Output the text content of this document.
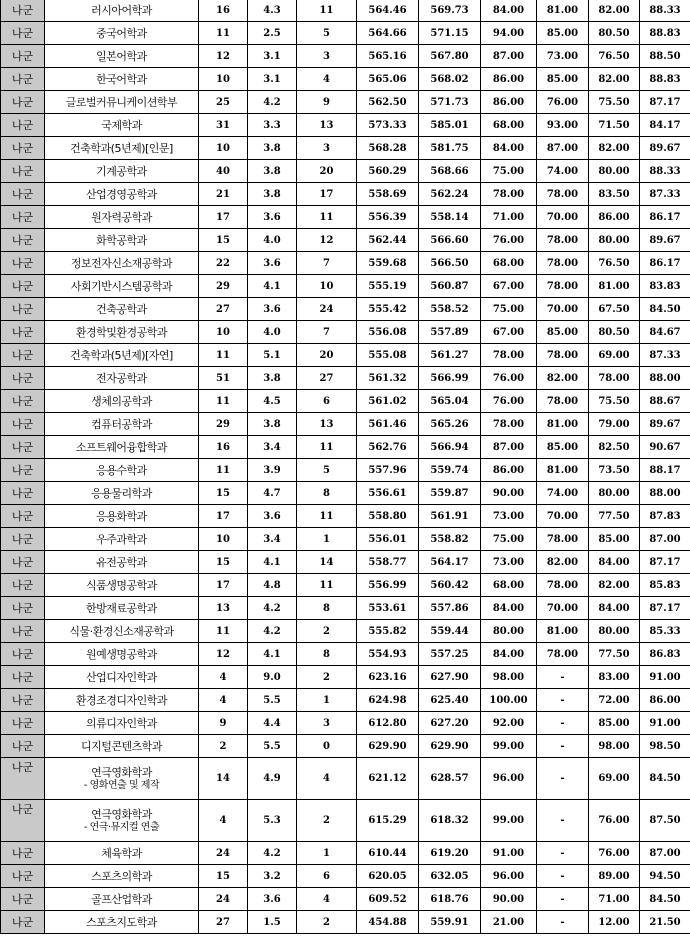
나군	러시아어학과	16	4.3	11	564.46	569.73	84.00	81.00	82.00	88.33
나군	중국어학과	11	2.5	5	564.66	571.15	94.00	85.00	80.50	88.83
나군	일본어학과	12	3.1	3	565.16	567.80	87.00	73.00	76.50	88.50
나군	한국어학과	10	3.1	4	565.06	568.02	86.00	85.00	82.00	88.83
나군	글로벌커뮤니케이션학부	25	4.2	9	562.50	571.73	86.00	76.00	75.50	87.17
나군	국제학과	31	3.3	13	573.33	585.01	68.00	93.00	71.50	84.17
나군	건축학과(5년제)[인문]	10	3.8	3	568.28	581.75	84.00	87.00	82.00	89.67
나군	기계공학과	40	3.8	20	560.29	568.66	75.00	74.00	80.00	88.33
나군	산업경영공학과	21	3.8	17	558.69	562.24	78.00	78.00	83.50	87.33
나군	원자력공학과	17	3.6	11	556.39	558.14	71.00	70.00	86.00	86.17
나군	화학공학과	15	4.0	12	562.44	566.60	76.00	78.00	80.00	89.67
나군	정보전자신소재공학과	22	3.6	7	559.68	566.50	68.00	78.00	76.50	86.17
나군	사회기반시스템공학과	29	4.1	10	555.19	560.87	67.00	78.00	81.00	83.83
나군	건축공학과	27	3.6	24	555.42	558.52	75.00	70.00	67.50	84.50
나군	환경학및환경공학과	10	4.0	7	556.08	557.89	67.00	85.00	80.50	84.67
나군	건축학과(5년제)[자연]	11	5.1	20	555.08	561.27	78.00	78.00	69.00	87.33
나군	전자공학과	51	3.8	27	561.32	566.99	76.00	82.00	78.00	88.00
나군	생체의공학과	11	4.5	6	561.02	565.04	76.00	78.00	75.50	88.67
나군	컴퓨터공학과	29	3.8	13	561.46	565.26	78.00	81.00	79.00	89.67
나군	소프트웨어융합학과	16	3.4	11	562.76	566.94	87.00	85.00	82.50	90.67
나군	응용수학과	11	3.9	5	557.96	559.74	86.00	81.00	73.50	88.17
나군	응용물리학과	15	4.7	8	556.61	559.87	90.00	74.00	80.00	88.00
나군	응용화학과	17	3.6	11	558.80	561.91	73.00	70.00	77.50	87.83
나군	우주과학과	10	3.4	1	556.01	558.82	75.00	78.00	85.00	87.00
나군	유전공학과	15	4.1	14	558.77	564.17	73.00	82.00	84.00	87.17
나군	식품생명공학과	17	4.8	11	556.99	560.42	68.00	78.00	82.00	85.83
나군	한방재료공학과	13	4.2	8	553.61	557.86	84.00	70.00	84.00	87.17
나군	식물·환경신소재공학과	11	4.2	2	555.82	559.44	80.00	81.00	80.00	85.33
나군	원예생명공학과	12	4.1	8	554.93	557.25	84.00	78.00	77.50	86.83
나군	산업디자인학과	4	9.0	2	623.16	627.90	98.00	-	83.00	91.00
나군	환경조경디자인학과	4	5.5	1	624.98	625.40	100.00	-	72.00	86.00
나군	의류디자인학과	9	4.4	3	612.80	627.20	92.00	-	85.00	91.00
나군	디지털콘텐츠학과	2	5.5	0	629.90	629.90	99.00	-	98.00	98.50
나군	연극영화학과
- 영화연출 및 제작	14	4.9	4	621.12	628.57	96.00	-	69.00	84.50
나군	연극영화학과
- 연극·뮤지컬 연출	4	5.3	2	615.29	618.32	99.00	-	76.00	87.50
나군	체육학과	24	4.2	1	610.44	619.20	91.00	-	76.00	87.00
나군	스포츠의학과	15	3.2	6	620.05	632.05	96.00	-	89.00	94.50
나군	골프산업학과	24	3.6	4	609.52	618.76	90.00	-	71.00	84.50
나군	스포츠지도학과	27	1.5	2	454.88	559.91	21.00	-	12.00	21.50
